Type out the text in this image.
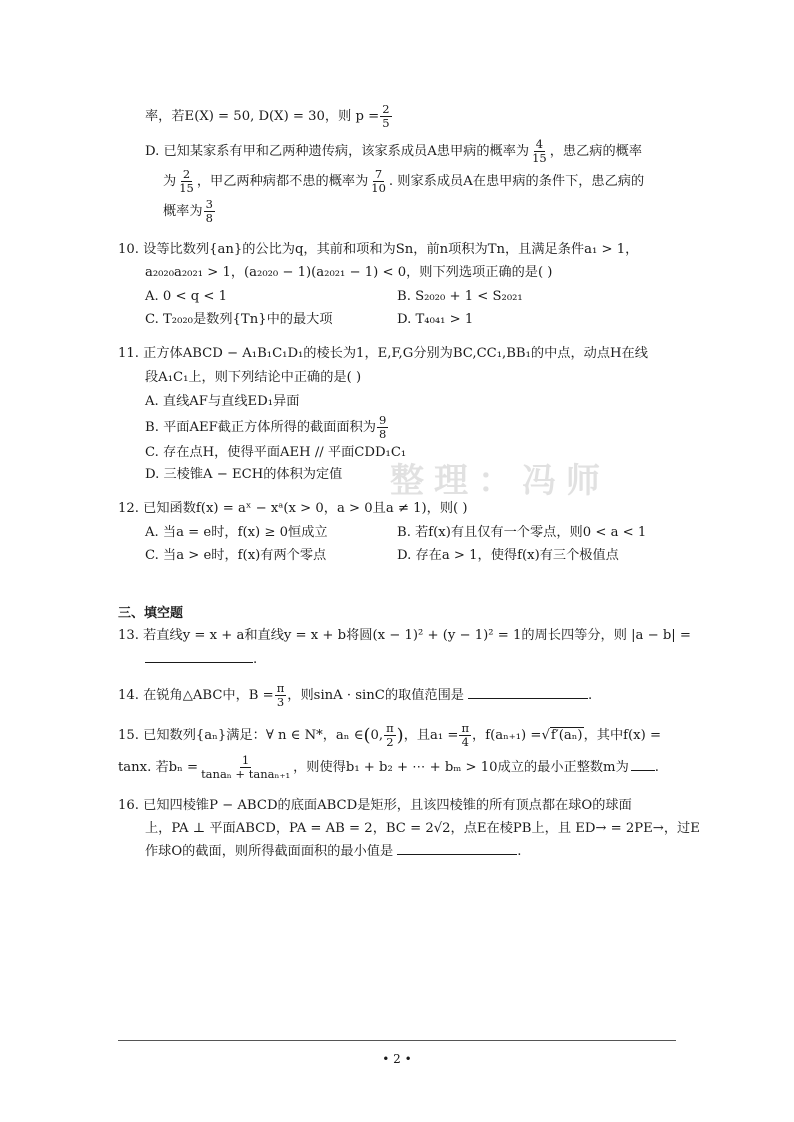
率，若E(X) = 50, D(X) = 30，则 $p = \frac{2}{5}$
D. 已知某家系有甲和乙两种遗传病，该家系成员A患甲病的概率为 $\frac{4}{15}$ ，患乙病的概率
为 $\frac{2}{15}$ ，甲乙两种病都不患的概率为 $\frac{7}{10}$ . 则家系成员A在患甲病的条件下，患乙病的
概率为 $\frac{3}{8}$
10. 设等比数列{an}的公比为q，其前和项和为Sn，前n项积为Tn，且满足条件a₁ > 1，
a₂₀₂₀a₂₀₂₁ > 1，(a₂₀₂₀ − 1)(a₂₀₂₁ − 1) < 0，则下列选项正确的是( )
A. 0 < q < 1	B. S₂₀₂₀ + 1 < S₂₀₂₁
C. T₂₀₂₀是数列{Tn}中的最大项	D. T₄₀₄₁ > 1
11. 正方体ABCD − A₁B₁C₁D₁的棱长为1，E,F,G分别为BC,CC₁,BB₁的中点，动点H在线
段A₁C₁上，则下列结论中正确的是( )
A. 直线AF与直线ED₁异面
B. 平面AEF截正方体所得的截面面积为 $\frac{9}{8}$
C. 存在点H，使得平面AEH // 平面CDD₁C₁
D. 三棱锥A − ECH的体积为定值 整理：冯师
12. 已知函数f(x) = aˣ − xᵃ(x > 0，a > 0且a ≠ 1)，则( )
A. 当a = e时，f(x) ≥ 0恒成立	B. 若f(x)有且仅有一个零点，则0 < a < 1
C. 当a > e时，f(x)有两个零点	D. 存在a > 1，使得f(x)有三个极值点
三、填空题
13. 若直线y = x + a和直线y = x + b将圆(x − 1)² + (y − 1)² = 1的周长四等分，则 |a − b| =
.
14. 在锐角△ABC中，$B = \frac{\pi}{3}$ ，则sinA · sinC的取值范围是	.
15. 已知数列{aₙ}满足：∀ n ∈ N*，aₙ ∈(0, $\frac{\pi}{2}$ )，且$a_1 = \frac{\pi}{4}$ ，f(aₙ₊₁) =√f′(aₙ)，其中f(x) =
tanx. 若$b_n = \frac{1}{\text{tanaₙ + tanaₙ₊₁}}$ ，则使得b₁ + b₂ + ⋯ + bₘ > 10成立的最小正整数m为 .
16. 已知四棱锥P − ABCD的底面ABCD是矩形，且该四棱锥的所有顶点都在球O的球面
上，PA ⊥ 平面ABCD，PA = AB = 2，BC = 2√2，点E在棱PB上，且 ED→ = 2PE→，过E
作球O的截面，则所得截面面积的最小值是	.
• 2 •
